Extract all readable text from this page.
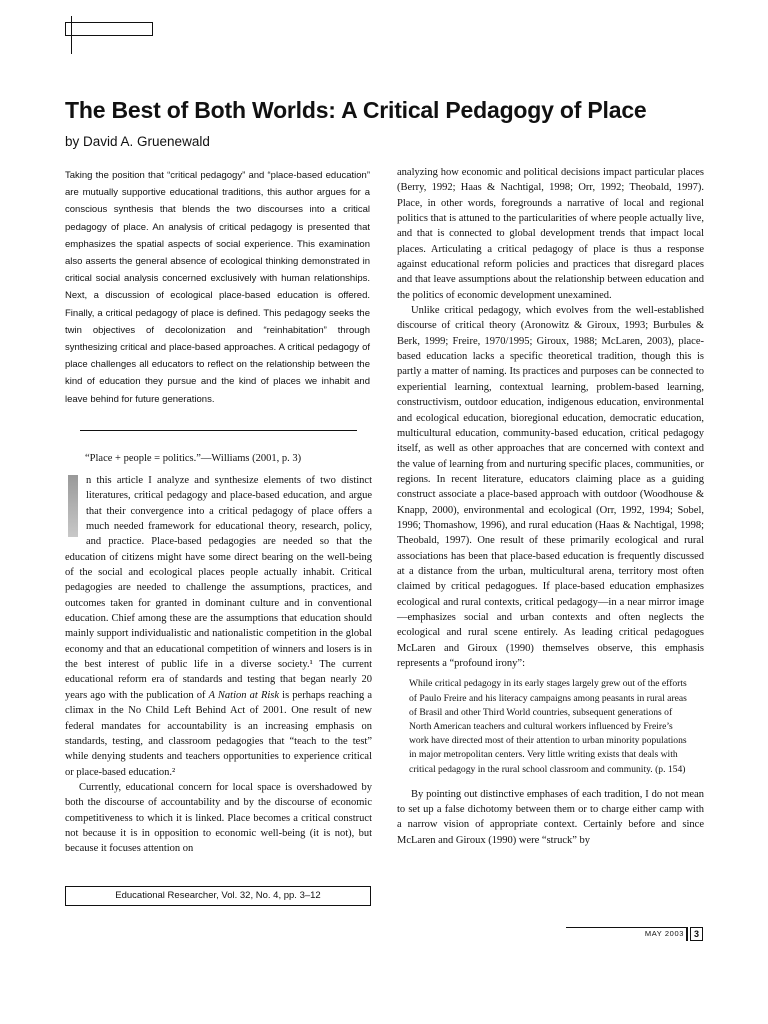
The Best of Both Worlds: A Critical Pedagogy of Place
by David A. Gruenewald

Taking the position that “critical pedagogy” and “place-based education” are mutually supportive educational traditions, this author argues for a conscious synthesis that blends the two discourses into a critical pedagogy of place. An analysis of critical pedagogy is presented that emphasizes the spatial aspects of social experience. This examination also asserts the general absence of ecological thinking demonstrated in critical social analysis concerned exclusively with human relationships. Next, a discussion of ecological place-based education is offered. Finally, a critical pedagogy of place is defined. This pedagogy seeks the twin objectives of decolonization and “reinhabitation” through synthesizing critical and place-based approaches. A critical pedagogy of place challenges all educators to reflect on the relationship between the kind of education they pursue and the kind of places we inhabit and leave behind for future generations.

“Place + people = politics.”—Williams (2001, p. 3)

n this article I analyze and synthesize elements of two distinct literatures, critical pedagogy and place-based education, and argue that their convergence into a critical pedagogy of place offers a much needed framework for educational theory, research, policy, and practice. Place-based pedagogies are needed so that the education of citizens might have some direct bearing on the well-being of the social and ecological places people actually inhabit. Critical pedagogies are needed to challenge the assumptions, practices, and outcomes taken for granted in dominant culture and in conventional education. Chief among these are the assumptions that education should mainly support individualistic and nationalistic competition in the global economy and that an educational competition of winners and losers is in the best interest of public life in a diverse society.¹ The current educational reform era of standards and testing that began nearly 20 years ago with the publication of A Nation at Risk is perhaps reaching a climax in the No Child Left Behind Act of 2001. One result of new federal mandates for accountability is an increasing emphasis on standards, testing, and classroom pedagogies that “teach to the test” while denying students and teachers opportunities to experience critical or place-based education.²

Currently, educational concern for local space is overshadowed by both the discourse of accountability and by the discourse of economic competitiveness to which it is linked. Place becomes a critical construct not because it is in opposition to economic well-being (it is not), but because it focuses attention on

analyzing how economic and political decisions impact particular places (Berry, 1992; Haas & Nachtigal, 1998; Orr, 1992; Theobald, 1997). Place, in other words, foregrounds a narrative of local and regional politics that is attuned to the particularities of where people actually live, and that is connected to global development trends that impact local places. Articulating a critical pedagogy of place is thus a response against educational reform policies and practices that disregard places and that leave assumptions about the relationship between education and the politics of economic development unexamined.

Unlike critical pedagogy, which evolves from the well-established discourse of critical theory (Aronowitz & Giroux, 1993; Burbules & Berk, 1999; Freire, 1970/1995; Giroux, 1988; McLaren, 2003), place-based education lacks a specific theoretical tradition, though this is partly a matter of naming. Its practices and purposes can be connected to experiential learning, contextual learning, problem-based learning, constructivism, outdoor education, indigenous education, environmental and ecological education, bioregional education, democratic education, multicultural education, community-based education, critical pedagogy itself, as well as other approaches that are concerned with context and the value of learning from and nurturing specific places, communities, or regions. In recent literature, educators claiming place as a guiding construct associate a place-based approach with outdoor (Woodhouse & Knapp, 2000), environmental and ecological (Orr, 1992, 1994; Sobel, 1996; Thomashow, 1996), and rural education (Haas & Nachtigal, 1998; Theobald, 1997). One result of these primarily ecological and rural associations has been that place-based education is frequently discussed at a distance from the urban, multicultural arena, territory most often claimed by critical pedagogues. If place-based education emphasizes ecological and rural contexts, critical pedagogy—in a near mirror image—emphasizes social and urban contexts and often neglects the ecological and rural scene entirely. As leading critical pedagogues McLaren and Giroux (1990) themselves observe, this emphasis represents a “profound irony”:

While critical pedagogy in its early stages largely grew out of the efforts of Paulo Freire and his literacy campaigns among peasants in rural areas of Brasil and other Third World countries, subsequent generations of North American teachers and cultural workers influenced by Freire’s work have directed most of their attention to urban minority populations in major metropolitan centers. Very little writing exists that deals with critical pedagogy in the rural school classroom and community. (p. 154)

By pointing out distinctive emphases of each tradition, I do not mean to set up a false dichotomy between them or to charge either camp with a narrow vision of appropriate context. Certainly before and since McLaren and Giroux (1990) were “struck” by

Educational Researcher, Vol. 32, No. 4, pp. 3–12
MAY 2003	3
